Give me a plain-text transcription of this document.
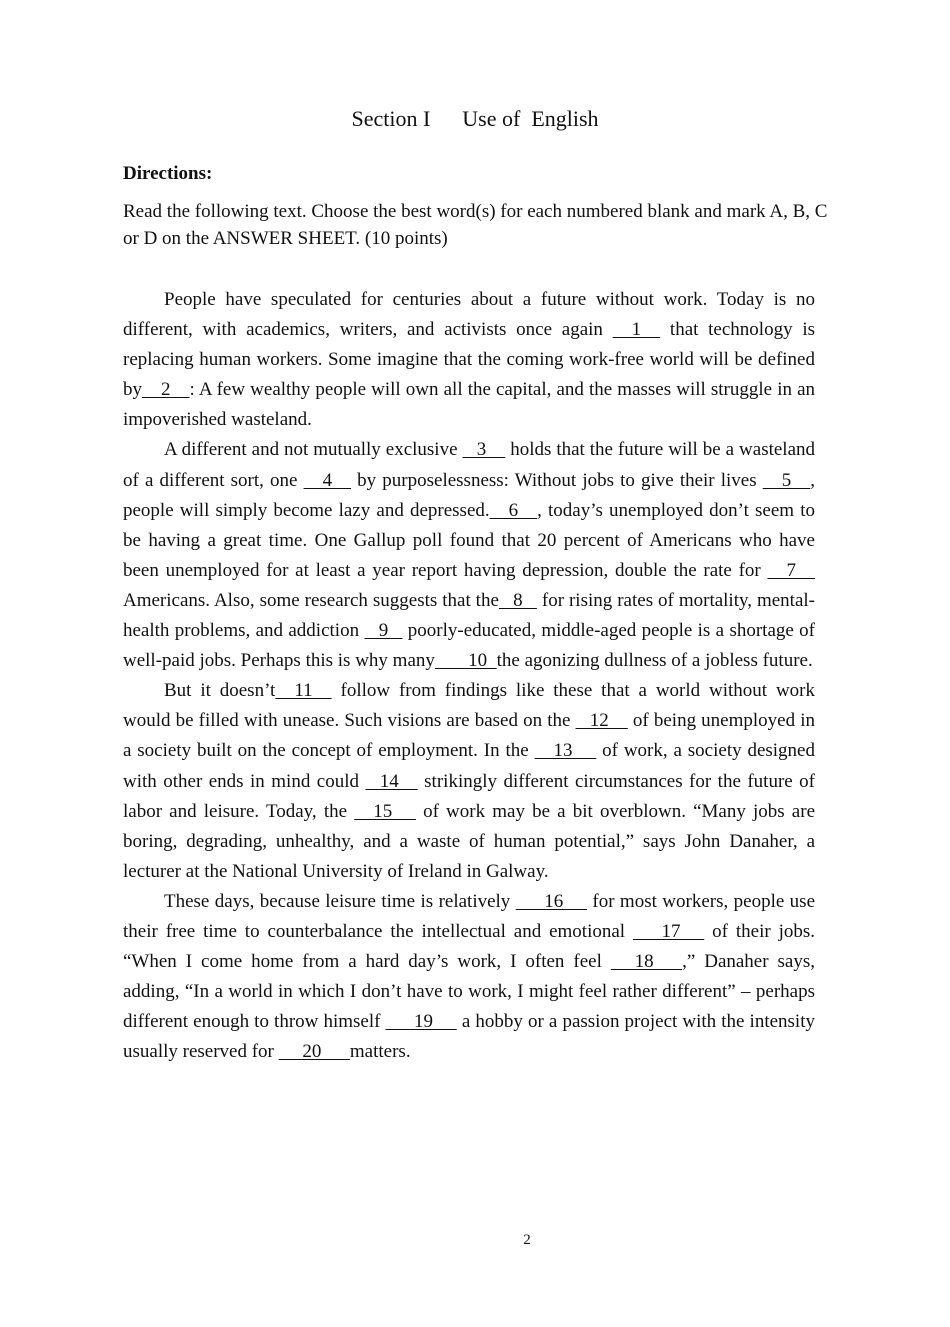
Section I Use of  English
Directions:
Read the following text. Choose the best word(s) for each numbered blank and mark A, B, C or D on the ANSWER SHEET. (10 points)

People have speculated for centuries about a future without work. Today is no different, with academics, writers, and activists once again     1     that technology is replacing human workers. Some imagine that the coming work-free world will be defined by    2    : A few wealthy people will own all the capital, and the masses will struggle in an impoverished wasteland.

A different and not mutually exclusive    3     holds that the future will be a wasteland of a different sort, one     4     by purposelessness: Without jobs to give their lives     5    , people will simply become lazy and depressed.    6    , today’s unemployed don’t seem to be having a great time. One Gallup poll found that 20 percent of Americans who have been unemployed for at least a year report having depression, double the rate for     7     Americans. Also, some research suggests that the   8    for rising rates of mortality, mental-health problems, and addiction    9    poorly-educated, middle-aged people is a shortage of well-paid jobs. Perhaps this is why many       10  the agonizing dullness of a jobless future.

But it doesn’t    11     follow from findings like these that a world without work would be filled with unease. Such visions are based on the    12     of being unemployed in a society built on the concept of employment. In the     13      of work, a society designed with other ends in mind could    14     strikingly different circumstances for the future of labor and leisure. Today, the     15      of work may be a bit overblown. “Many jobs are boring, degrading, unhealthy, and a waste of human potential,” says John Danaher, a lecturer at the National University of Ireland in Galway.

These days, because leisure time is relatively       16      for most workers, people use their free time to counterbalance the intellectual and emotional       17      of their jobs. “When I come home from a hard day’s work, I often feel      18      ,” Danaher says, adding, “In a world in which I don’t have to work, I might feel rather different” – perhaps different enough to throw himself       19      a hobby or a passion project with the intensity usually reserved for      20      matters.

2
